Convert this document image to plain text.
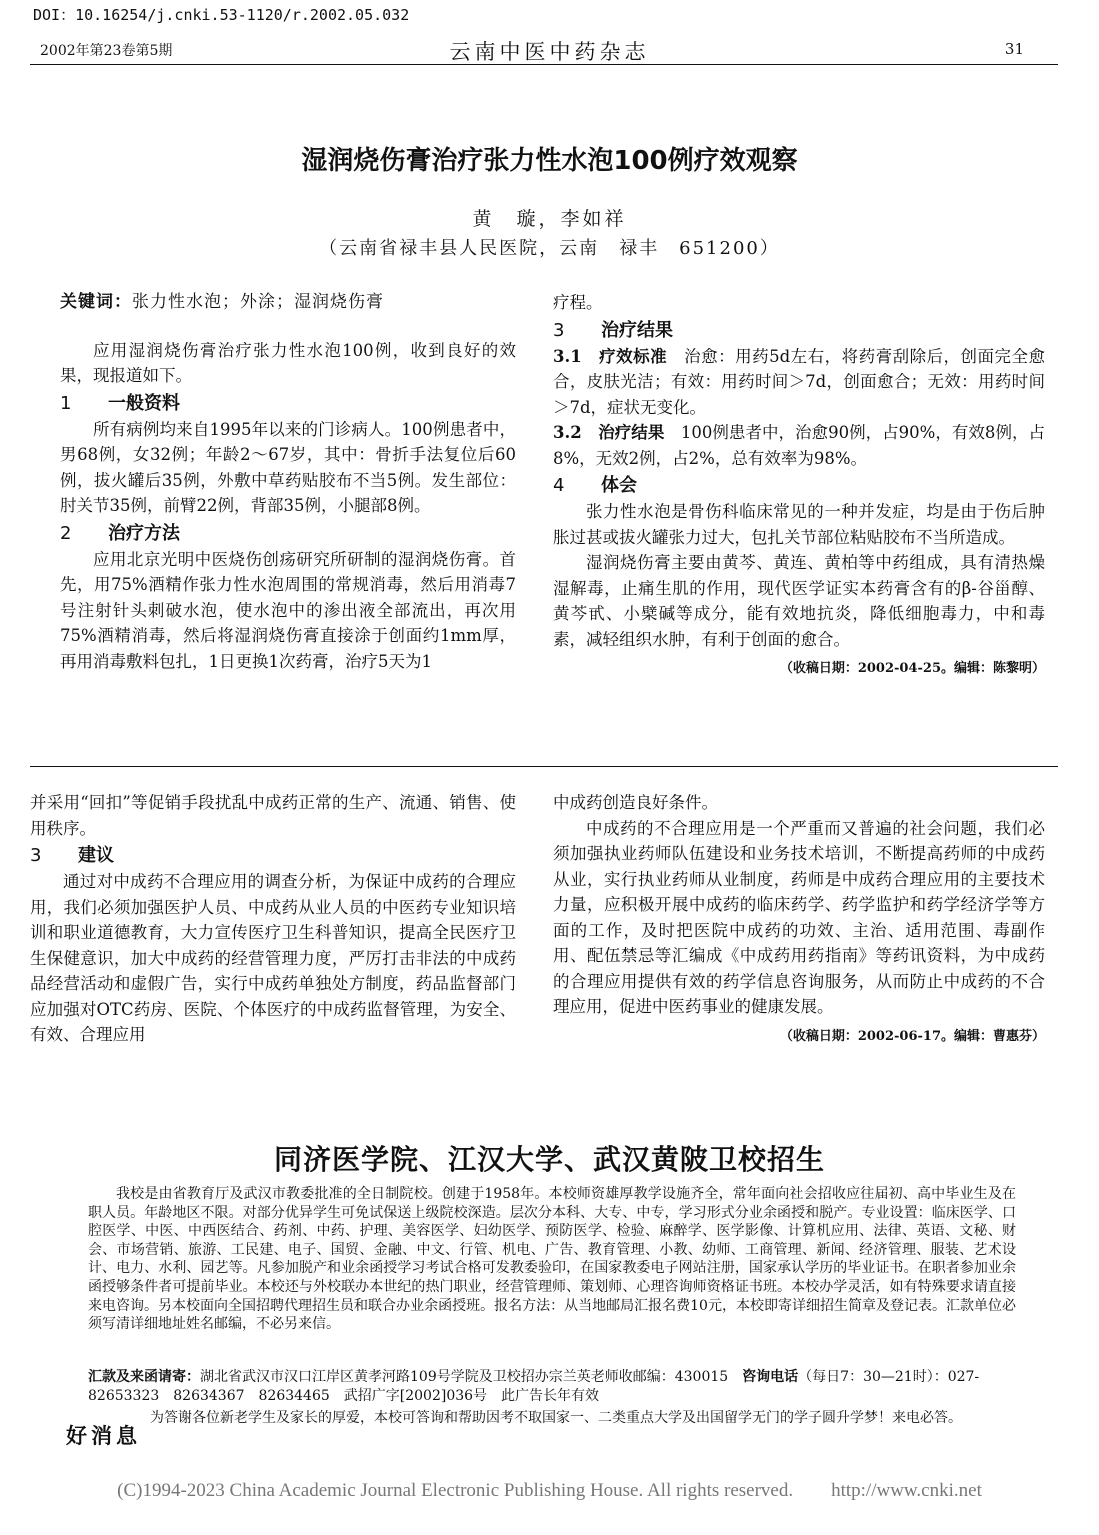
DOI：10.16254/j.cnki.53-1120/r.2002.05.032
2002年第23卷第5期	云南中医中药杂志	31
湿润烧伤膏治疗张力性水泡100例疗效观察
黄　璇，李如祥
（云南省禄丰县人民医院，云南　禄丰　651200）

关键词：张力性水泡；外涂；湿润烧伤膏

应用湿润烧伤膏治疗张力性水泡100例，收到良好的效果，现报道如下。

1 一般资料

所有病例均来自1995年以来的门诊病人。100例患者中，男68例，女32例；年龄2～67岁，其中：骨折手法复位后60例，拔火罐后35例，外敷中草药贴胶布不当5例。发生部位：肘关节35例，前臂22例，背部35例，小腿部8例。

2 治疗方法

应用北京光明中医烧伤创疡研究所研制的湿润烧伤膏。首先，用75%酒精作张力性水泡周围的常规消毒，然后用消毒7号注射针头刺破水泡，使水泡中的渗出液全部流出，再次用75%酒精消毒，然后将湿润烧伤膏直接涂于创面约1mm厚，再用消毒敷料包扎，1日更换1次药膏，治疗5天为1

疗程。

3 治疗结果

3.1　疗效标准　 治愈：用药5d左右，将药膏刮除后，创面完全愈合，皮肤光洁；有效：用药时间＞7d，创面愈合；无效：用药时间＞7d，症状无变化。

3.2　治疗结果　 100例患者中，治愈90例，占90%，有效8例，占8%，无效2例，占2%，总有效率为98%。

4 体会

张力性水泡是骨伤科临床常见的一种并发症，均是由于伤后肿胀过甚或拔火罐张力过大，包扎关节部位粘贴胶布不当所造成。

湿润烧伤膏主要由黄芩、黄连、黄柏等中药组成，具有清热燥湿解毒，止痛生肌的作用，现代医学证实本药膏含有的β-谷甾醇、黄芩甙、小檗碱等成分，能有效地抗炎，降低细胞毒力，中和毒素，减轻组织水肿，有利于创面的愈合。

（收稿日期：2002-04-25。编辑：陈黎明）

并采用“回扣”等促销手段扰乱中成药正常的生产、流通、销售、使用秩序。

3 建议

通过对中成药不合理应用的调查分析，为保证中成药的合理应用，我们必须加强医护人员、中成药从业人员的中医药专业知识培训和职业道德教育，大力宣传医疗卫生科普知识，提高全民医疗卫生保健意识，加大中成药的经营管理力度，严厉打击非法的中成药品经营活动和虚假广告，实行中成药单独处方制度，药品监督部门应加强对OTC药房、医院、个体医疗的中成药监督管理，为安全、有效、合理应用

中成药创造良好条件。

中成药的不合理应用是一个严重而又普遍的社会问题，我们必须加强执业药师队伍建设和业务技术培训，不断提高药师的中成药从业，实行执业药师从业制度，药师是中成药合理应用的主要技术力量，应积极开展中成药的临床药学、药学监护和药学经济学等方面的工作，及时把医院中成药的功效、主治、适用范围、毒副作用、配伍禁忌等汇编成《中成药用药指南》等药讯资料，为中成药的合理应用提供有效的药学信息咨询服务，从而防止中成药的不合理应用，促进中医药事业的健康发展。

（收稿日期：2002-06-17。编辑：曹惠芬）
同济医学院、江汉大学、武汉黄陂卫校招生

我校是由省教育厅及武汉市教委批准的全日制院校。创建于1958年。本校师资雄厚教学设施齐全，常年面向社会招收应往届初、高中毕业生及在职人员。年龄地区不限。对部分优异学生可免试保送上级院校深造。层次分本科、大专、中专，学习形式分业余函授和脱产。专业设置：临床医学、口腔医学、中医、中西医结合、药剂、中药、护理、美容医学、妇幼医学、预防医学、检验、麻醉学、医学影像、计算机应用、法律、英语、文秘、财会、市场营销、旅游、工民建、电子、国贸、金融、中文、行管、机电、广告、教育管理、小教、幼师、工商管理、新闻、经济管理、服装、艺术设计、电力、水利、园艺等。凡参加脱产和业余函授学习考试合格可发教委验印，在国家教委电子网站注册，国家承认学历的毕业证书。在职者参加业余函授够条件者可提前毕业。本校还与外校联办本世纪的热门职业，经营管理师、策划师、心理咨询师资格证书班。本校办学灵活，如有特殊要求请直接来电咨询。另本校面向全国招聘代理招生员和联合办业余函授班。报名方法：从当地邮局汇报名费10元，本校即寄详细招生简章及登记表。汇款单位必须写清详细地址姓名邮编，不必另来信。

汇款及来函请寄：湖北省武汉市汉口江岸区黄孝河路109号学院及卫校招办宗兰英老师收邮编：430015　 咨询电话（每日7：30—21时）：027-82653323　82634367　82634465　武招广字[2002]036号　此广告长年有效
好消息
为答谢各位新老学生及家长的厚爱，本校可答询和帮助因考不取国家一、二类重点大学及出国留学无门的学子圆升学梦！来电必答。
(C)1994-2023 China Academic Journal Electronic Publishing House. All rights reserved.　　http://www.cnki.net
